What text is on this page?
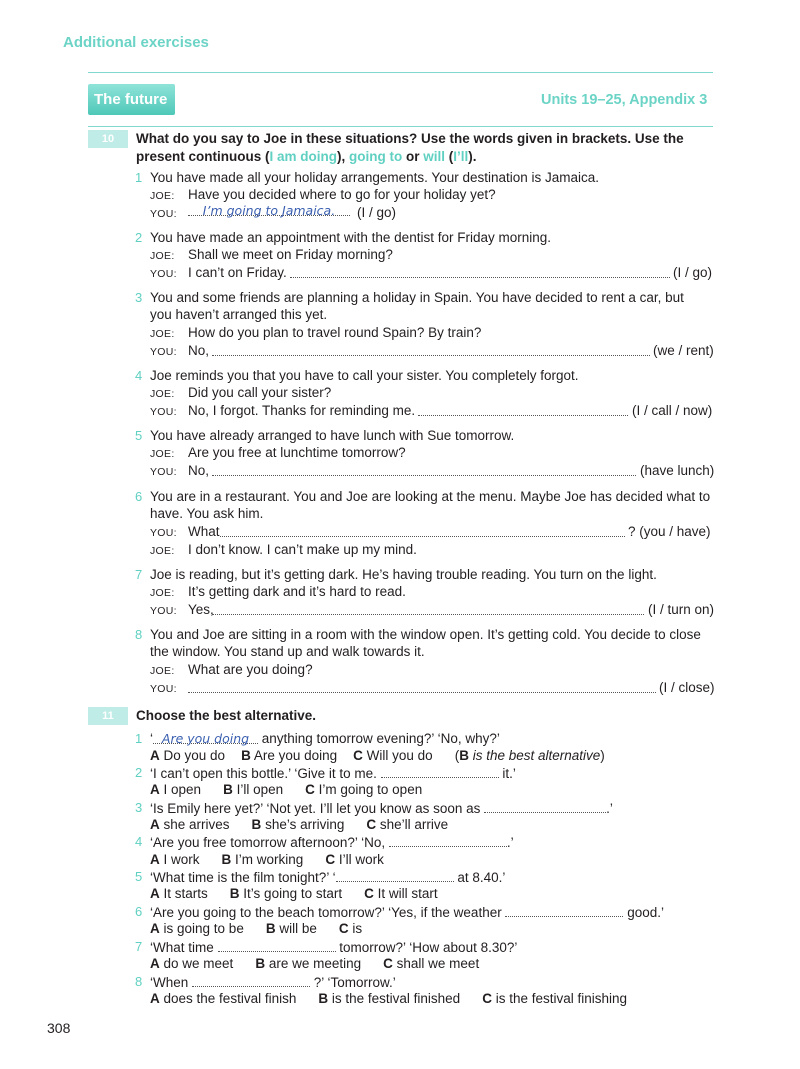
Additional exercises
The future	Units 19–25, Appendix 3
10	What do you say to Joe in these situations? Use the words given in brackets. Use the
present continuous (I am doing), going to or will (I’ll).
1 You have made all your holiday arrangements. Your destination is Jamaica.
JOE: Have you decided where to go for your holiday yet?
YOU:	I’m going to Jamaica.	(I / go)
2 You have made an appointment with the dentist for Friday morning.
JOE: Shall we meet on Friday morning?
YOU: I can’t on Friday.	(I / go)
3 You and some friends are planning a holiday in Spain. You have decided to rent a car, but
you haven’t arranged this yet.
JOE: How do you plan to travel round Spain? By train?
YOU: No,	(we / rent)
4 Joe reminds you that you have to call your sister. You completely forgot.
JOE: Did you call your sister?
YOU: No, I forgot. Thanks for reminding me.	(I / call / now)
5 You have already arranged to have lunch with Sue tomorrow.
JOE: Are you free at lunchtime tomorrow?
YOU: No,	(have lunch)
6 You are in a restaurant. You and Joe are looking at the menu. Maybe Joe has decided what to
have. You ask him.
YOU: What	? (you / have)
JOE: I don’t know. I can’t make up my mind.
7 Joe is reading, but it’s getting dark. He’s having trouble reading. You turn on the light.
JOE: It’s getting dark and it’s hard to read.
YOU: Yes,	(I / turn on)
8 You and Joe are sitting in a room with the window open. It’s getting cold. You decide to close
the window. You stand up and walk towards it.
JOE: What are you doing?
YOU:	(I / close)
11	Choose the best alternative.
1 ‘ Are you doing anything tomorrow evening?’ ‘No, why?’
A Do you do B Are you doing C Will you do (B is the best alternative)
2 ‘I can’t open this bottle.’ ‘Give it to me.	it.’
A I open B I’ll open C I’m going to open
3 ‘Is Emily here yet?’ ‘Not yet. I’ll let you know as soon as	.’
A she arrives B she’s arriving C she’ll arrive
4 ‘Are you free tomorrow afternoon?’ ‘No,	.’
A I work B I’m working C I’ll work
5 ‘What time is the film tonight?’ ‘	at 8.40.’
A It starts B It’s going to start C It will start
6 ‘Are you going to the beach tomorrow?’ ‘Yes, if the weather	good.’
A is going to be B will be C is
7 ‘What time	tomorrow?’ ‘How about 8.30?’
A do we meet B are we meeting C shall we meet
8 ‘When	?’ ‘Tomorrow.’
A does the festival finish B is the festival finished C is the festival finishing
308
